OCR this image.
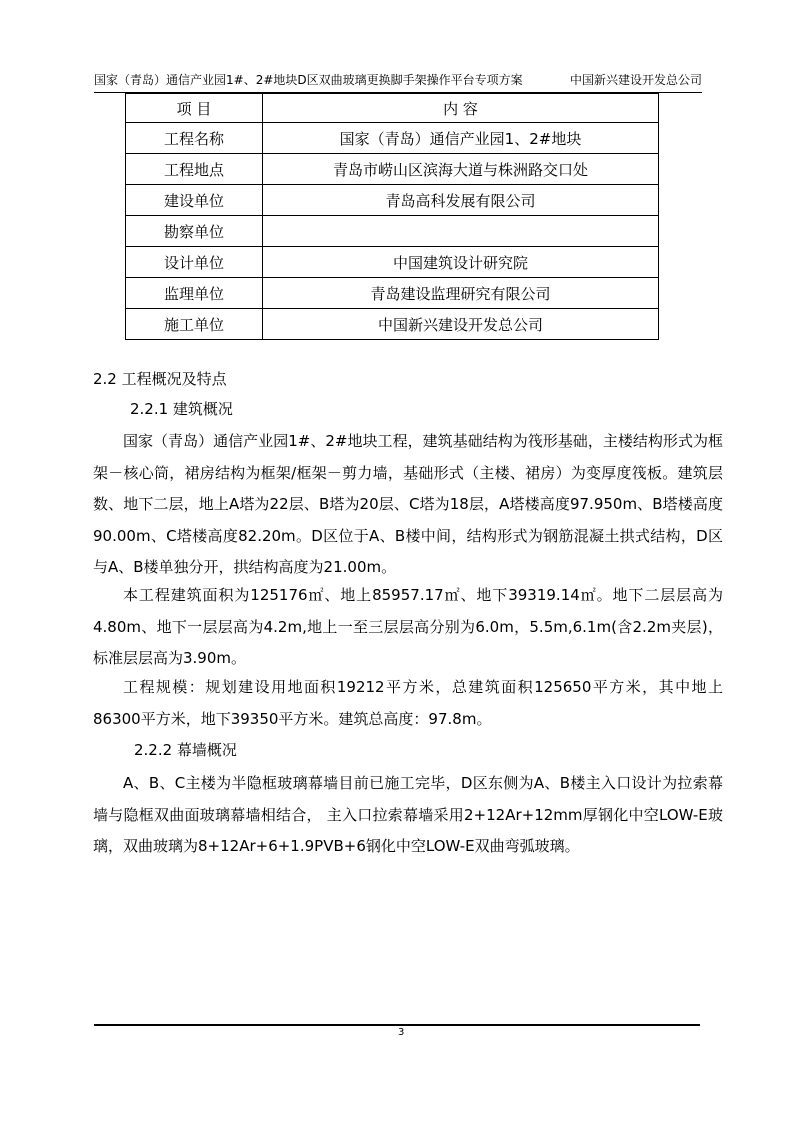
国家（青岛）通信产业园1#、2#地块D区双曲玻璃更换脚手架操作平台专项方案	中国新兴建设开发总公司
项 目	内 容
工程名称	国家（青岛）通信产业园1、2#地块
工程地点	青岛市崂山区滨海大道与株洲路交口处
建设单位	青岛高科发展有限公司
勘察单位	
设计单位	中国建筑设计研究院
监理单位	青岛建设监理研究有限公司
施工单位	中国新兴建设开发总公司
2.2 工程概况及特点
2.2.1 建筑概况
国家（青岛）通信产业园1#、2#地块工程，建筑基础结构为筏形基础，主楼结构形式为框架－核心筒，裙房结构为框架/框架－剪力墙，基础形式（主楼、裙房）为变厚度筏板。建筑层数、地下二层，地上A塔为22层、B塔为20层、C塔为18层，A塔楼高度97.950m、B塔楼高度90.00m、C塔楼高度82.20m。D区位于A、B楼中间，结构形式为钢筋混凝土拱式结构，D区与A、B楼单独分开，拱结构高度为21.00m。
本工程建筑面积为125176㎡、地上85957.17㎡、地下39319.14㎡。地下二层层高为4.80m、地下一层层高为4.2m,地上一至三层层高分别为6.0m，5.5m,6.1m(含2.2m夹层)，标准层层高为3.90m。
工程规模：规划建设用地面积19212平方米，总建筑面积125650平方米，其中地上86300平方米，地下39350平方米。建筑总高度：97.8m。
2.2.2 幕墙概况
A、B、C主楼为半隐框玻璃幕墙目前已施工完毕，D区东侧为A、B楼主入口设计为拉索幕墙与隐框双曲面玻璃幕墙相结合， 主入口拉索幕墙采用2+12Ar+12mm厚钢化中空LOW-E玻璃，双曲玻璃为8+12Ar+6+1.9PVB+6钢化中空LOW-E双曲弯弧玻璃。
3
